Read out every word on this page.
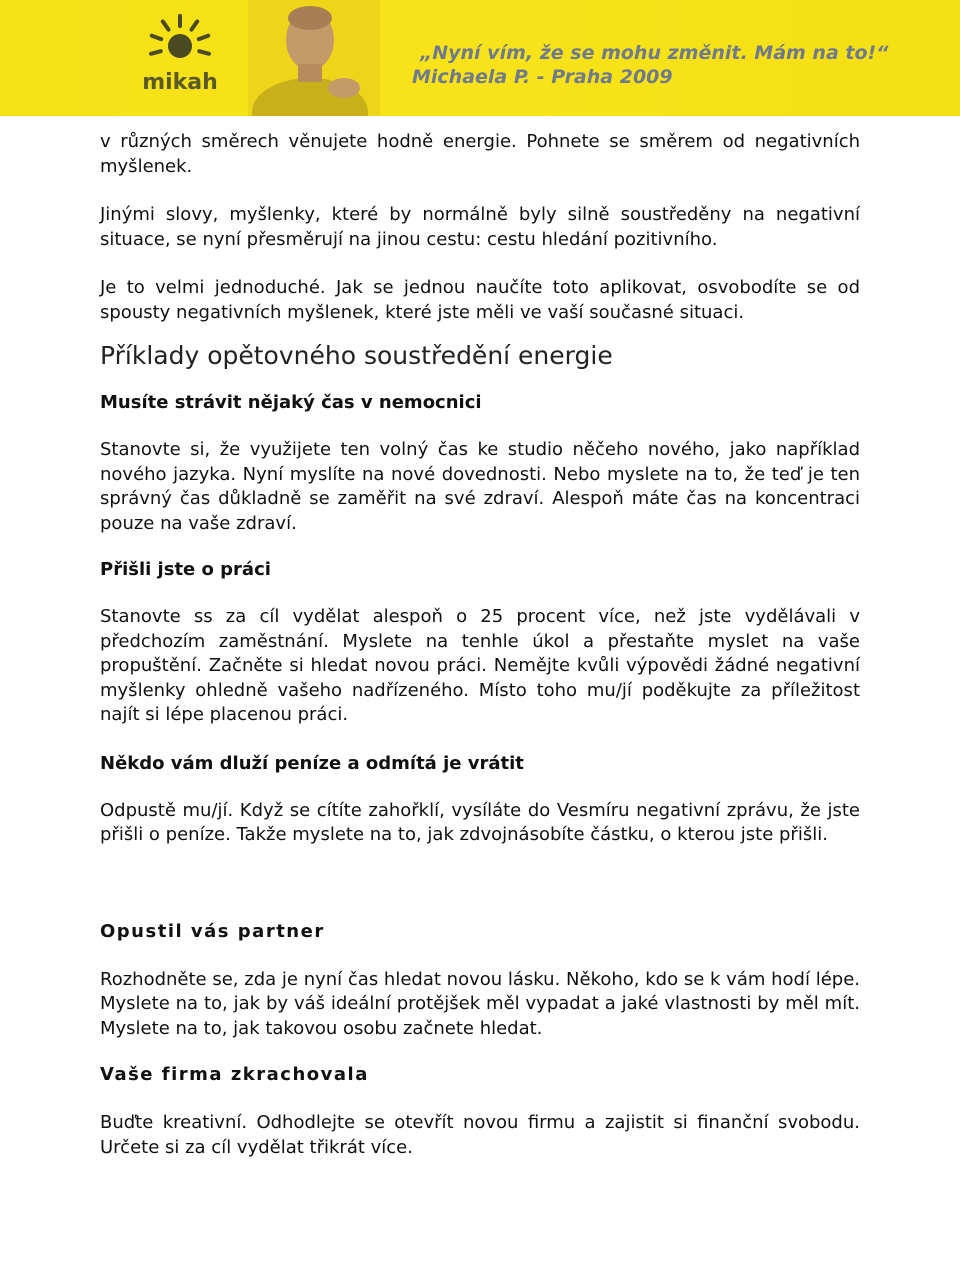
mikah
„Nyní vím, že se mohu změnit. Mám na to!“
Michaela P. - Praha 2009

v různých směrech věnujete hodně energie. Pohnete se směrem od negativních myšlenek.

Jinými slovy, myšlenky, které by normálně byly silně soustředěny na negativní situace, se nyní přesměrují na jinou cestu: cestu hledání pozitivního.

Je to velmi jednoduché. Jak se jednou naučíte toto aplikovat, osvobodíte se od spousty negativních myšlenek, které jste měli ve vaší současné situaci.

Příklady opětovného soustředění energie
Musíte strávit nějaký čas v nemocnici

Stanovte si, že využijete ten volný čas ke studio něčeho nového, jako například nového jazyka. Nyní myslíte na nové dovednosti. Nebo myslete na to, že teď je ten správný čas důkladně se zaměřit na své zdraví. Alespoň máte čas na koncentraci pouze na vaše zdraví.

Přišli jste o práci

Stanovte ss za cíl vydělat alespoň o 25 procent více, než jste vydělávali v předchozím zaměstnání. Myslete na tenhle úkol a přestaňte myslet na vaše propuštění. Začněte si hledat novou práci. Nemějte kvůli výpovědi žádné negativní myšlenky ohledně vašeho nadřízeného. Místo toho mu/jí poděkujte za příležitost najít si lépe placenou práci.

Někdo vám dluží peníze a odmítá je vrátit

Odpustě mu/jí. Když se cítíte zahořklí, vysíláte do Vesmíru negativní zprávu, že jste přišli o peníze. Takže myslete na to, jak zdvojnásobíte částku, o kterou jste přišli.

Opustil vás partner

Rozhodněte se, zda je nyní čas hledat novou lásku. Někoho, kdo se k vám hodí lépe. Myslete na to, jak by váš ideální protějšek měl vypadat a jaké vlastnosti by měl mít. Myslete na to, jak takovou osobu začnete hledat.

Vaše firma zkrachovala

Buďte kreativní. Odhodlejte se otevřít novou firmu a zajistit si finanční svobodu. Určete si za cíl vydělat třikrát více.
